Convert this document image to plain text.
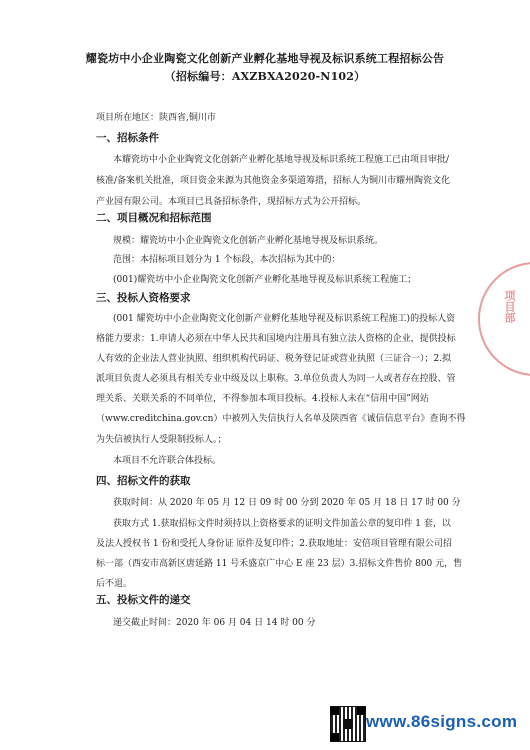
耀瓷坊中小企业陶瓷文化创新产业孵化基地导视及标识系统工程招标公告
（招标编号：AXZBXA2020-N102）
项目所在地区：陕西省,铜川市
一、招标条件
本耀瓷坊中小企业陶瓷文化创新产业孵化基地导视及标识系统工程施工已由项目审批/
核准/备案机关批准，项目资金来源为其他资金多渠道筹措，招标人为铜川市耀州陶瓷文化
产业园有限公司。本项目已具备招标条件，现招标方式为公开招标。
二、项目概况和招标范围
规模：耀瓷坊中小企业陶瓷文化创新产业孵化基地导视及标识系统。
范围：本招标项目划分为 1 个标段，本次招标为其中的：
(001)耀瓷坊中小企业陶瓷文化创新产业孵化基地导视及标识系统工程施工；
三、投标人资格要求
(001 耀瓷坊中小企业陶瓷文化创新产业孵化基地导视及标识系统工程施工)的投标人资
格能力要求：1.申请人必须在中华人民共和国境内注册具有独立法人资格的企业，提供投标
人有效的企业法人营业执照、组织机构代码证、税务登记证或营业执照（三证合一）；2.拟
派项目负责人必须具有相关专业中级及以上职称。3.单位负责人为同一人或者存在控股、管
理关系、关联关系的不同单位，不得参加本项目投标。4.投标人未在“信用中国”网站
（www.creditchina.gov.cn）中被列入失信执行人名单及陕西省《诚信信息平台》查询不得
为失信被执行人受限制投标人。；
本项目不允许联合体投标。
四、招标文件的获取
获取时间：从 2020 年 05 月 12 日 09 时 00 分到 2020 年 05 月 18 日 17 时 00 分
获取方式 1.获取招标文件时须持以上资格要求的证明文件加盖公章的复印件 1 套，以
及法人授权书 1 份和受托人身份证 原件及复印件；2.获取地址：安倍项目管理有限公司招
标一部（西安市高新区唐延路 11 号禾盛京广中心 E 座 23 层）3.招标文件售价 800 元，售
后不退。
五、投标文件的递交
递交截止时间：2020 年 06 月 04 日 14 时 00 分
项目部
www.86signs.com
